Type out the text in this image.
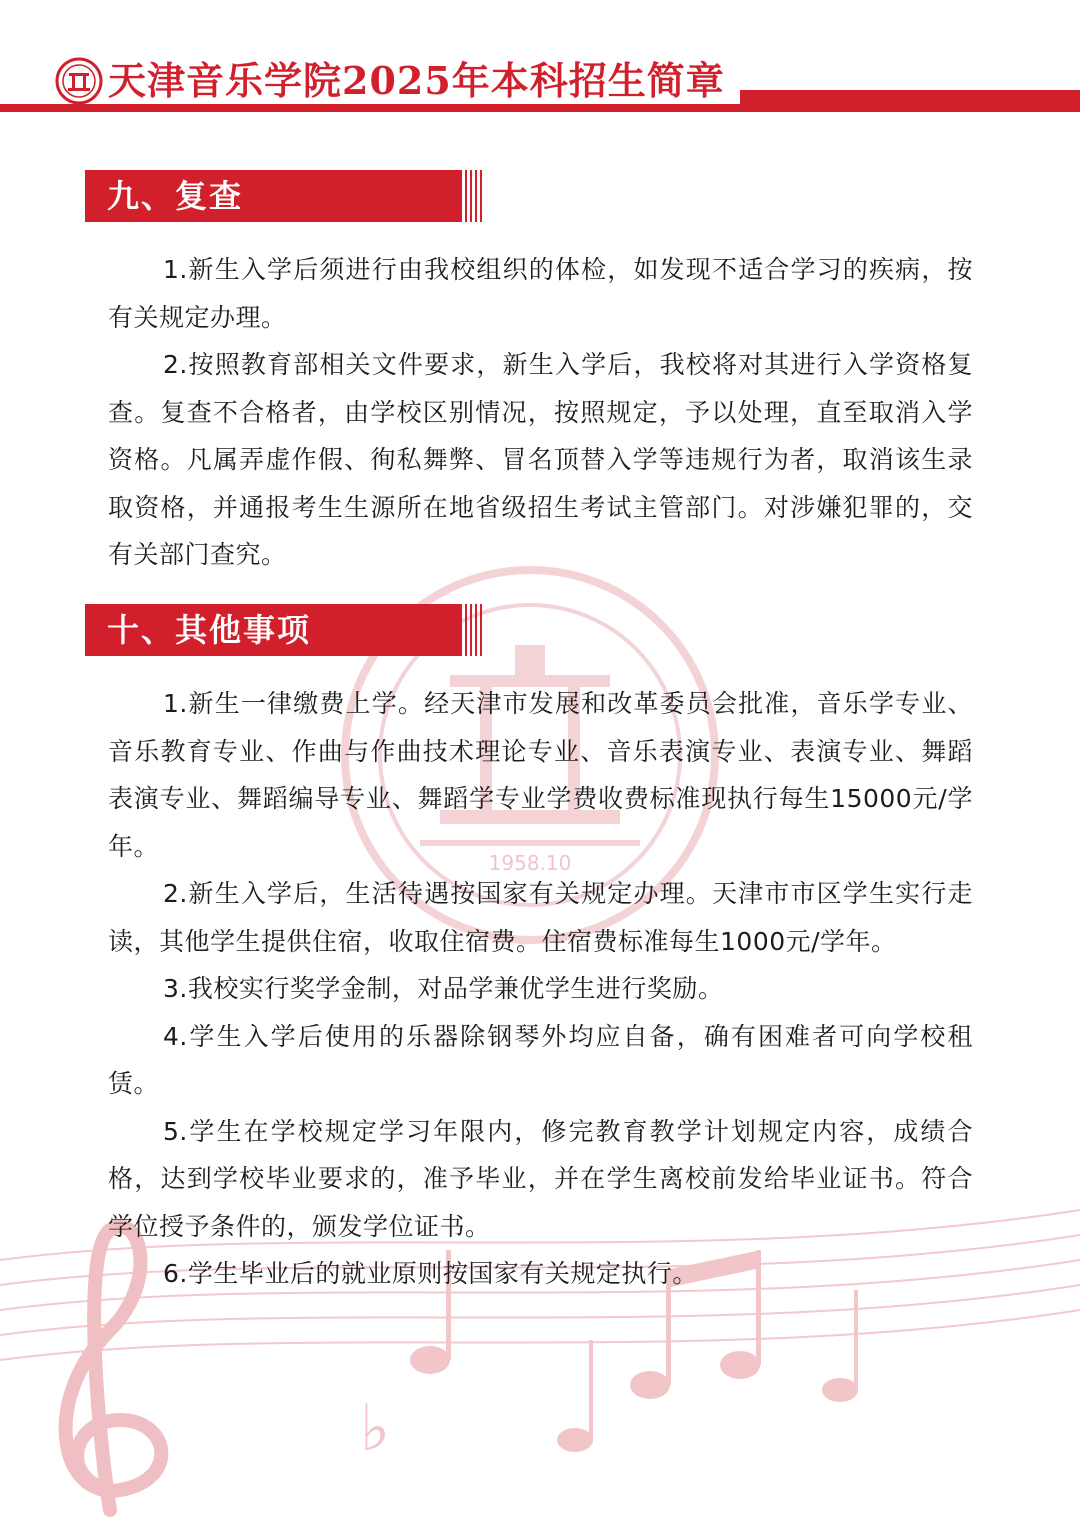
1958.10
♭
天津音乐学院2025年本科招生简章
九、复查

1.新生入学后须进行由我校组织的体检，如发现不适合学习的疾病，按有关规定办理。

2.按照教育部相关文件要求，新生入学后，我校将对其进行入学资格复查。复查不合格者，由学校区别情况，按照规定，予以处理，直至取消入学资格。凡属弄虚作假、徇私舞弊、冒名顶替入学等违规行为者，取消该生录取资格，并通报考生生源所在地省级招生考试主管部门。对涉嫌犯罪的，交有关部门查究。

十、其他事项

1.新生一律缴费上学。经天津市发展和改革委员会批准，音乐学专业、音乐教育专业、作曲与作曲技术理论专业、音乐表演专业、表演专业、舞蹈表演专业、舞蹈编导专业、舞蹈学专业学费收费标准现执行每生15000元/学年。

2.新生入学后，生活待遇按国家有关规定办理。天津市市区学生实行走读，其他学生提供住宿，收取住宿费。住宿费标准每生1000元/学年。

3.我校实行奖学金制，对品学兼优学生进行奖励。

4.学生入学后使用的乐器除钢琴外均应自备，确有困难者可向学校租赁。

5.学生在学校规定学习年限内，修完教育教学计划规定内容，成绩合格，达到学校毕业要求的，准予毕业，并在学生离校前发给毕业证书。符合学位授予条件的，颁发学位证书。

6.学生毕业后的就业原则按国家有关规定执行。
